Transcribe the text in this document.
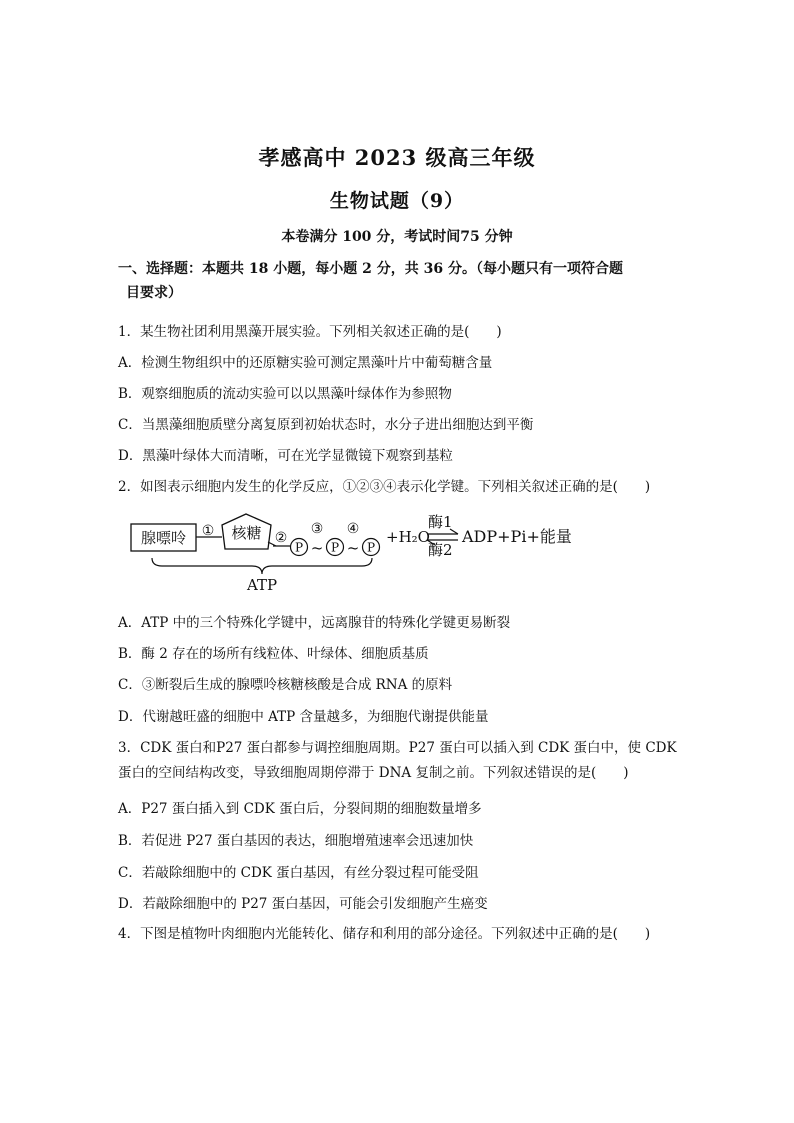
孝感高中 2023 级高三年级
生物试题（9）
本卷满分 100 分，考试时间75 分钟
一、选择题：本题共 18 小题，每小题 2 分，共 36 分。（每小题只有一项符合题
目要求）
1．某生物社团利用黑藻开展实验。下列相关叙述正确的是(　　)
A．检测生物组织中的还原糖实验可测定黑藻叶片中葡萄糖含量
B．观察细胞质的流动实验可以以黑藻叶绿体作为参照物
C．当黑藻细胞质壁分离复原到初始状态时，水分子进出细胞达到平衡
D．黑藻叶绿体大而清晰，可在光学显微镜下观察到基粒
2．如图表示细胞内发生的化学反应，①②③④表示化学键。下列相关叙述正确的是(　　)
腺嘌呤 ① 核糖 ②
P
③
~ P
④
~ P
+H₂O
酶1
酶2
ADP+Pi+能量
ATP
A．ATP 中的三个特殊化学键中，远离腺苷的特殊化学键更易断裂
B．酶 2 存在的场所有线粒体、叶绿体、细胞质基质
C．③断裂后生成的腺嘌呤核糖核酸是合成 RNA 的原料
D．代谢越旺盛的细胞中 ATP 含量越多，为细胞代谢提供能量
3．CDK 蛋白和P27 蛋白都参与调控细胞周期。P27 蛋白可以插入到 CDK 蛋白中，使 CDK
蛋白的空间结构改变，导致细胞周期停滞于 DNA 复制之前。下列叙述错误的是(　　)
A．P27 蛋白插入到 CDK 蛋白后，分裂间期的细胞数量增多
B．若促进 P27 蛋白基因的表达，细胞增殖速率会迅速加快
C．若敲除细胞中的 CDK 蛋白基因，有丝分裂过程可能受阻
D．若敲除细胞中的 P27 蛋白基因，可能会引发细胞产生癌变
4．下图是植物叶肉细胞内光能转化、储存和利用的部分途径。下列叙述中正确的是(　　)
